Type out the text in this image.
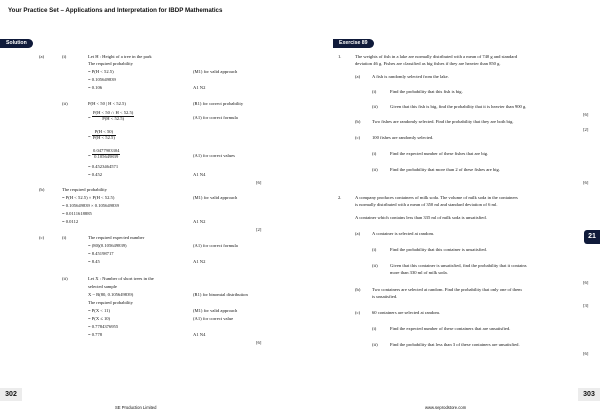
Your Practice Set – Applications and Interpretation for IBDP Mathematics
Solution	Exercise 89
(a)	(i)	Let H : Height of a tree in the park
The required probability
= P(H < 52.5)	(M1) for valid approach
= 0.105649839
= 0.106	A1 N2
(ii)	P(H < 50 | H < 52.5)	(R1) for correct probability
= $\frac{P(H < 50 \cap H < 52.5)}{P(H < 52.5)}$	(A1) for correct formula
= $\frac{P(H < 50)}{P(H < 52.5)}$
= $\frac{0.0477903304}{0.105649839}$	(A1) for correct values
= 0.4523464571
= 0.452	A1 N4
[6]
(b)	The required probability
= P(H < 52.5) × P(H < 52.5)	(M1) for valid approach
= 0.105649839 × 0.105649839
= 0.0111618885
= 0.0112	A1 N2
[2]
(c)	(i)	The required expected number
= (80)(0.105649839)	(A1) for correct formula
= 8.45198717
= 8.45	A1 N2
(ii)	Let X : Number of short trees in the
selected sample
X ~ B(80, 0.105649839)	(R1) for binomial distribution
The required probability
= P(X < 11)	(M1) for valid approach
= P(X ≤ 10)	(A1) for correct value
= 0.7784376955
= 0.778	A1 N4
[6]
1.	The weights of fish in a lake are normally distributed with a mean of 740 g and standard
deviation 46 g. Fishes are classified as big fishes if they are heavier than 850 g.
(a)	A fish is randomly selected from the lake.
(i)	Find the probability that this fish is big.
(ii)	Given that this fish is big, find the probability that it is heavier than 900 g.
[6]
(b)	Two fishes are randomly selected. Find the probability that they are both big.
[2]
(c)	100 fishes are randomly selected.
(i)	Find the expected number of these fishes that are big.
(ii)	Find the probability that more than 2 of these fishes are big.
[6]
2.	A company produces containers of milk soda. The volume of milk soda in the containers
is normally distributed with a mean of 350 ml and standard deviation of 6 ml.
A container which contains less than 335 ml of milk soda is unsatisfied.
(a)	A container is selected at random.
(i)	Find the probability that this container is unsatisfied.
(ii)	Given that this container is unsatisfied, find the probability that it contains
more than 330 ml of milk soda.
[6]
(b)	Two containers are selected at random. Find the probability that only one of them
is unsatisfied.
[3]
(c)	60 containers are selected at random.
(i)	Find the expected number of these containers that are unsatisfied.
(ii)	Find the probability that less than 3 of these containers are unsatisfied.
[6]
21
302	303
SE Production Limited	www.seprodstore.com
